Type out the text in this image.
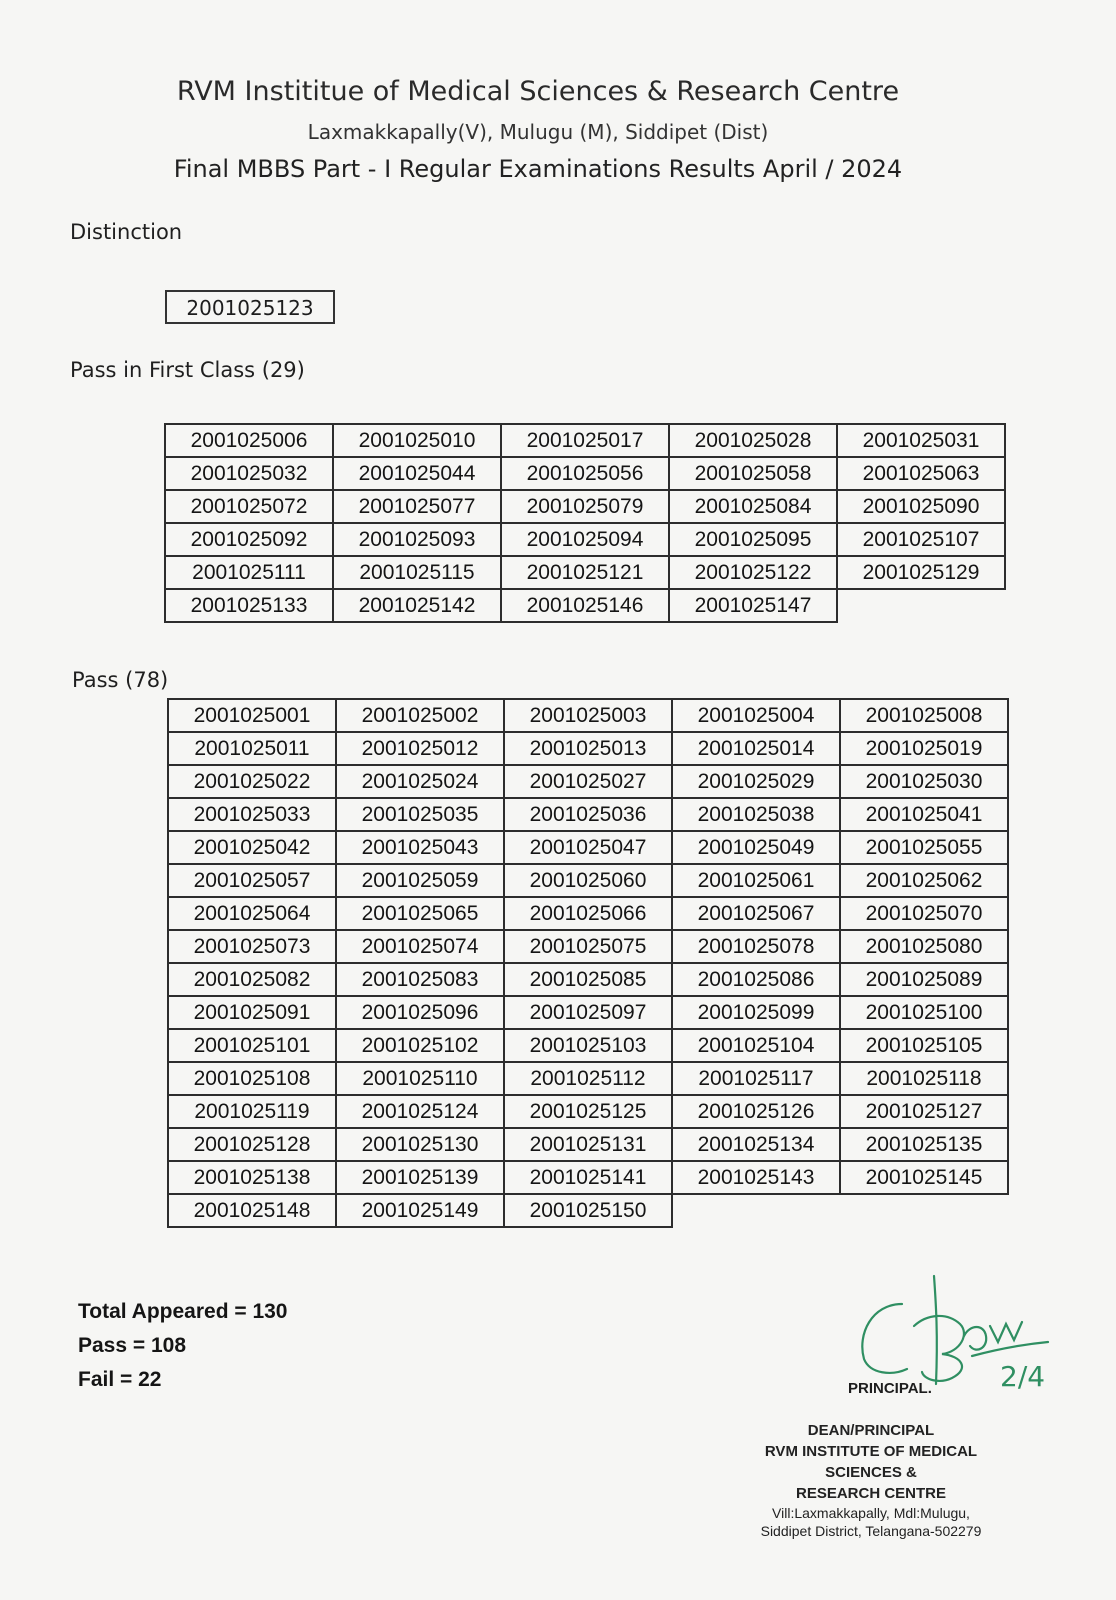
RVM Instititue of Medical Sciences & Research Centre
Laxmakkapally(V), Mulugu (M), Siddipet (Dist)
Final MBBS Part - I Regular Examinations Results April / 2024
Distinction
2001025123
Pass in First Class (29)
2001025006	2001025010	2001025017	2001025028	2001025031
2001025032	2001025044	2001025056	2001025058	2001025063
2001025072	2001025077	2001025079	2001025084	2001025090
2001025092	2001025093	2001025094	2001025095	2001025107
2001025111	2001025115	2001025121	2001025122	2001025129
2001025133	2001025142	2001025146	2001025147	
Pass (78)
2001025001	2001025002	2001025003	2001025004	2001025008
2001025011	2001025012	2001025013	2001025014	2001025019
2001025022	2001025024	2001025027	2001025029	2001025030
2001025033	2001025035	2001025036	2001025038	2001025041
2001025042	2001025043	2001025047	2001025049	2001025055
2001025057	2001025059	2001025060	2001025061	2001025062
2001025064	2001025065	2001025066	2001025067	2001025070
2001025073	2001025074	2001025075	2001025078	2001025080
2001025082	2001025083	2001025085	2001025086	2001025089
2001025091	2001025096	2001025097	2001025099	2001025100
2001025101	2001025102	2001025103	2001025104	2001025105
2001025108	2001025110	2001025112	2001025117	2001025118
2001025119	2001025124	2001025125	2001025126	2001025127
2001025128	2001025130	2001025131	2001025134	2001025135
2001025138	2001025139	2001025141	2001025143	2001025145
2001025148	2001025149	2001025150		
Total Appeared = 130
Pass = 108
Fail = 22	2/4
PRINCIPAL.
DEAN/PRINCIPAL
RVM INSTITUTE OF MEDICAL SCIENCES &
RESEARCH CENTRE
Vill:Laxmakkapally, Mdl:Mulugu,
Siddipet District, Telangana-502279
